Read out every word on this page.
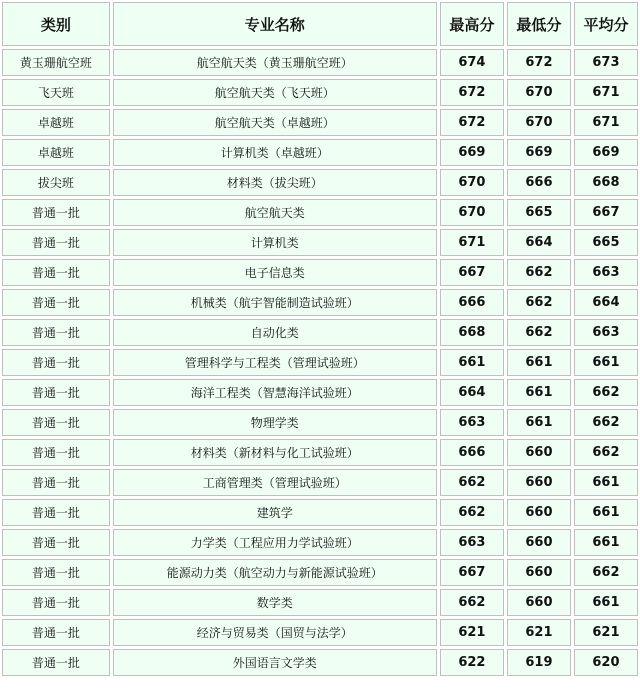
类别	专业名称	最高分	最低分	平均分
黄玉珊航空班	航空航天类（黄玉珊航空班）	674	672	673
飞天班	航空航天类（飞天班）	672	670	671
卓越班	航空航天类（卓越班）	672	670	671
卓越班	计算机类（卓越班）	669	669	669
拔尖班	材料类（拔尖班）	670	666	668
普通一批	航空航天类	670	665	667
普通一批	计算机类	671	664	665
普通一批	电子信息类	667	662	663
普通一批	机械类（航宇智能制造试验班）	666	662	664
普通一批	自动化类	668	662	663
普通一批	管理科学与工程类（管理试验班）	661	661	661
普通一批	海洋工程类（智慧海洋试验班）	664	661	662
普通一批	物理学类	663	661	662
普通一批	材料类（新材料与化工试验班）	666	660	662
普通一批	工商管理类（管理试验班）	662	660	661
普通一批	建筑学	662	660	661
普通一批	力学类（工程应用力学试验班）	663	660	661
普通一批	能源动力类（航空动力与新能源试验班）	667	660	662
普通一批	数学类	662	660	661
普通一批	经济与贸易类（国贸与法学）	621	621	621
普通一批	外国语言文学类	622	619	620
